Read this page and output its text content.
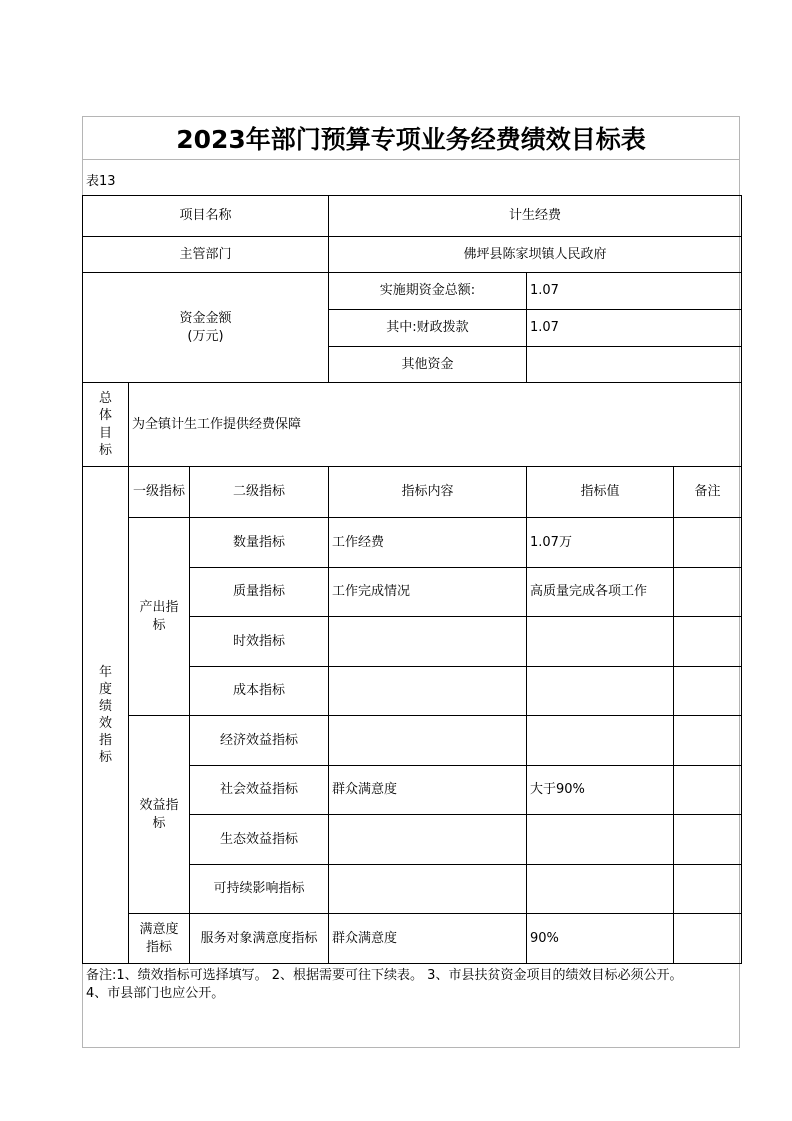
2023年部门预算专项业务经费绩效目标表
表13
项目名称			计生经费		
主管部门			佛坪县陈家坝镇人民政府		

资金金额
(万元)			实施期资金总额:	1.07	
			其中:财政拨款	1.07	
			其他资金		

总体目标	为全镇计生工作提供经费保障				

年度绩效指标	一级指标	二级指标	指标内容	指标值	备注

	产出指标	数量指标	工作经费	1.07万	
		质量指标	工作完成情况	高质量完成各项工作	
		时效指标			
		成本指标			

	效益指标	经济效益指标			
		社会效益指标	群众满意度	大于90%	
		生态效益指标			
		可持续影响指标			

	满意度指标	服务对象满意度指标	群众满意度	90%	
备注:1、绩效指标可选择填写。 2、根据需要可往下续表。 3、市县扶贫资金项目的绩效目标必须公开。
4、市县部门也应公开。
